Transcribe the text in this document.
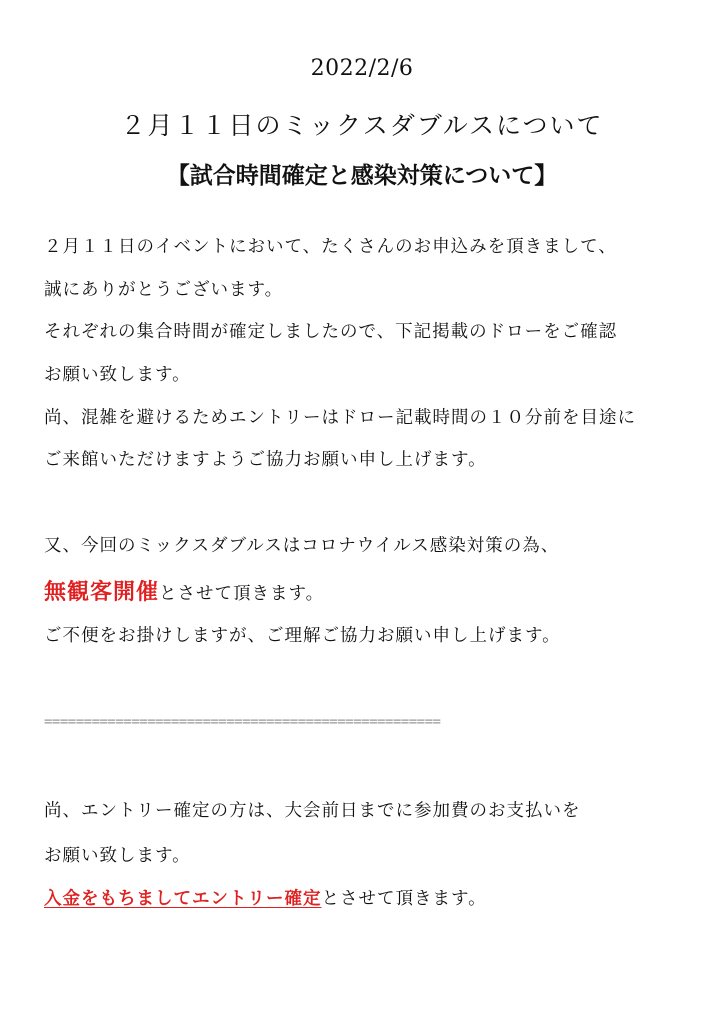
2022/2/6
２月１１日のミックスダブルスについて
【試合時間確定と感染対策について】
２月１１日のイベントにおいて、たくさんのお申込みを頂きまして、
誠にありがとうございます。
それぞれの集合時間が確定しましたので、下記掲載のドローをご確認
お願い致します。
尚、混雑を避けるためエントリーはドロー記載時間の１０分前を目途に
ご来館いただけますようご協力お願い申し上げます。
又、今回のミックスダブルスはコロナウイルス感染対策の為、
無観客開催とさせて頂きます。
ご不便をお掛けしますが、ご理解ご協力お願い申し上げます。
==================================================
尚、エントリー確定の方は、大会前日までに参加費のお支払いを
お願い致します。
入金をもちましてエントリー確定とさせて頂きます。
